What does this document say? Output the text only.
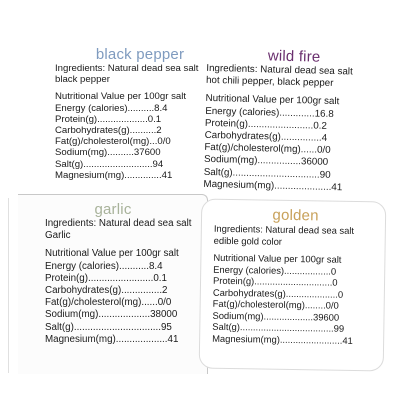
black pepper
Ingredients: Natural dead sea salt
black pepper
Nutritional Value per 100gr salt
Energy (calories)..........8.4
Protein(g)...................0.1
Carbohydrates(g)..........2
Fat(g)/cholesterol(mg)...0/0
Sodium(mg)..........37600
Salt(g)..........................94
Magnesium(mg)..............41
wild fire
Ingredients: Natural dead sea salt
hot chili pepper, black pepper
Nutritional Value per 100gr salt
Energy (calories).............16.8
Protein(g)........................0.2
Carbohydrates(g)...............4
Fat(g)/cholesterol(mg)......0/0
Sodium(mg)................36000
Salt(g)................................90
Magnesium(mg).....................41
garlic
Ingredients: Natural dead sea salt
Garlic
Nutritional Value per 100gr salt
Energy (calories)...........8.4
Protein(g)........................0.1
Carbohydrates(g)...............2
Fat(g)/cholesterol(mg)......0/0
Sodium(mg)...................38000
Salt(g)................................95
Magnesium(mg)...................41
golden
Ingredients: Natural dead sea salt
edible gold color
Nutritional Value per 100gr salt
Energy (calories)..................0
Protein(g)..............................0
Carbohydrates(g)....................0
Fat(g)/cholesterol(mg)........0/0
Sodium(mg)...................39600
Salt(g)....................................99
Magnesium(mg)........................41
